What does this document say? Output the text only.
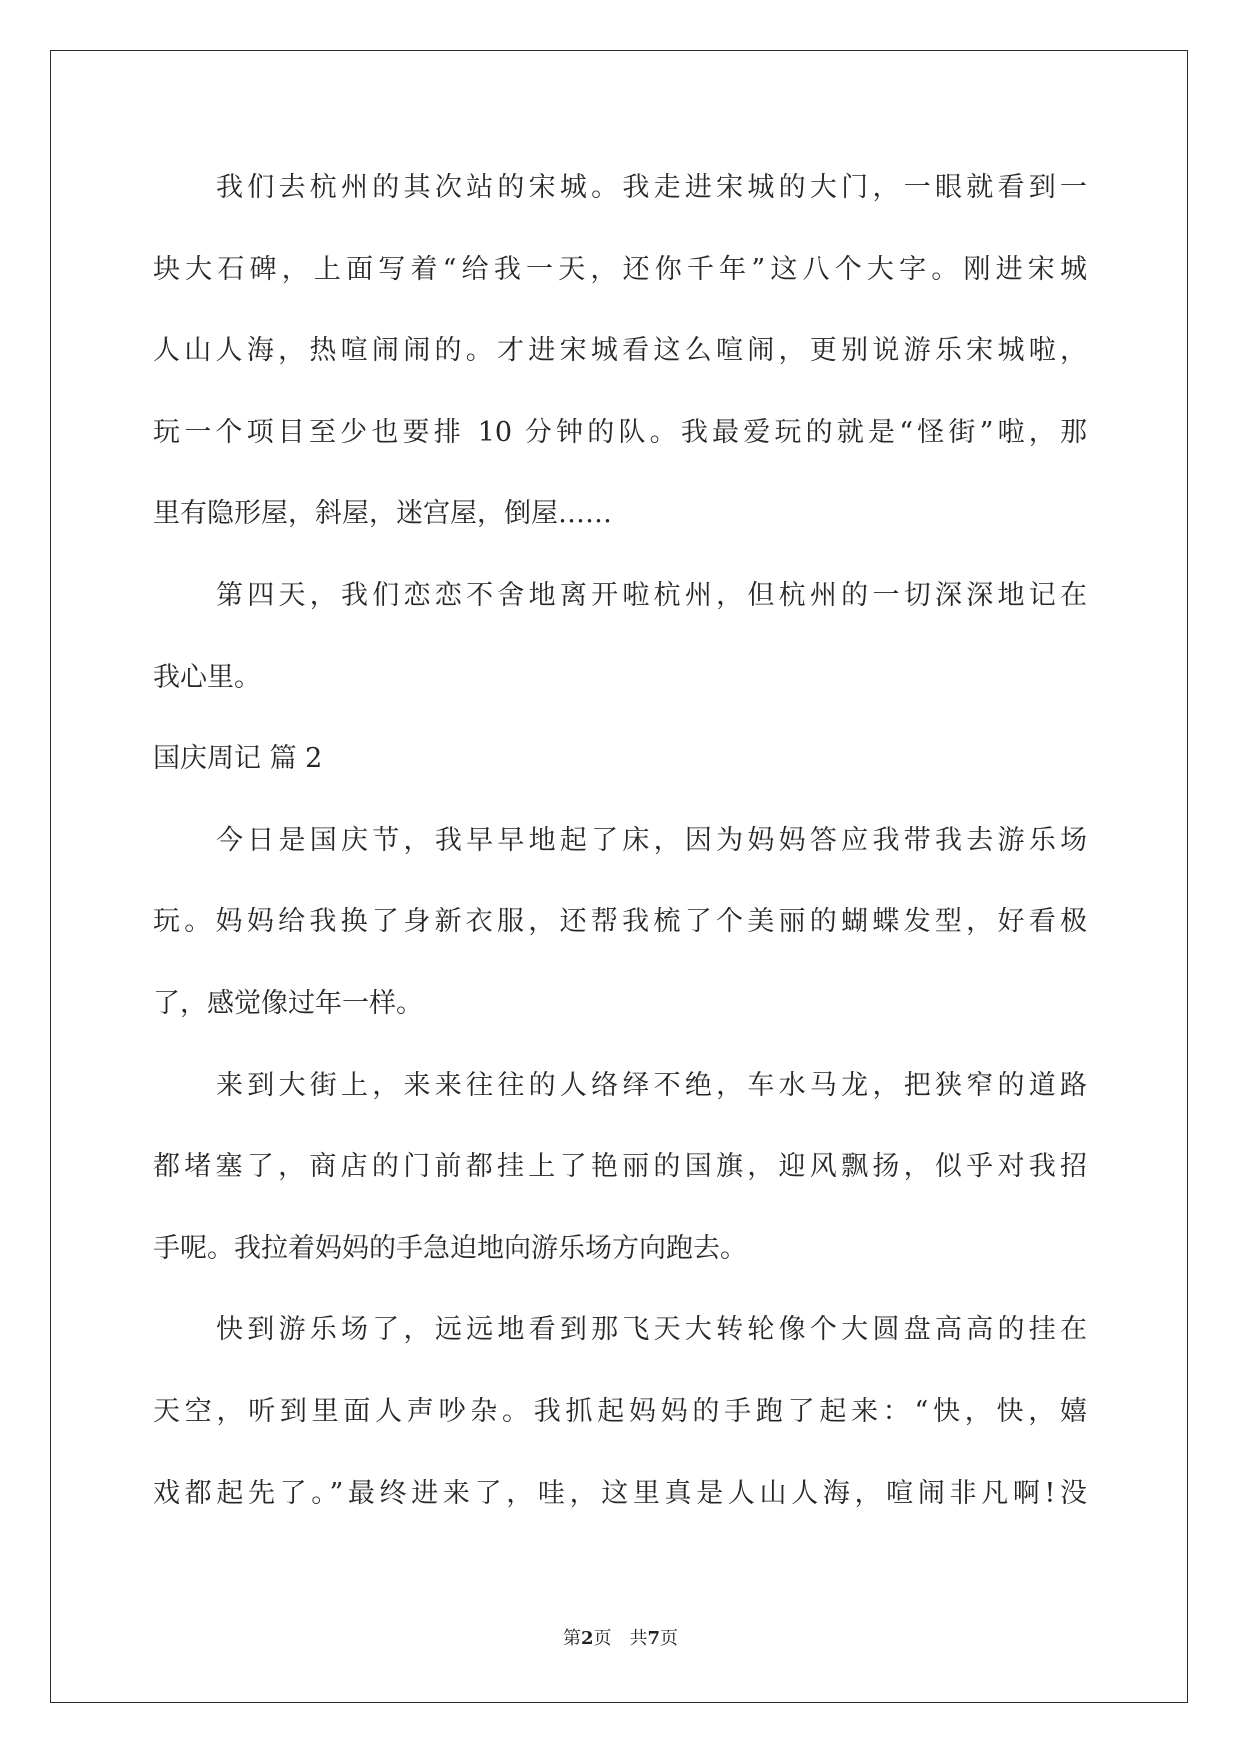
我们去杭州的其次站的宋城。我走进宋城的大门，一眼就看到一
块大石碑，上面写着“给我一天，还你千年”这八个大字。刚进宋城
人山人海，热喧闹闹的。才进宋城看这么喧闹，更别说游乐宋城啦，
玩一个项目至少也要排 10 分钟的队。我最爱玩的就是“怪街”啦，那
里有隐形屋，斜屋，迷宫屋，倒屋……
第四天，我们恋恋不舍地离开啦杭州，但杭州的一切深深地记在
我心里。
国庆周记 篇 2
今日是国庆节，我早早地起了床，因为妈妈答应我带我去游乐场
玩。妈妈给我换了身新衣服，还帮我梳了个美丽的蝴蝶发型，好看极
了，感觉像过年一样。
来到大街上，来来往往的人络绎不绝，车水马龙，把狭窄的道路
都堵塞了，商店的门前都挂上了艳丽的国旗，迎风飘扬，似乎对我招
手呢。我拉着妈妈的手急迫地向游乐场方向跑去。
快到游乐场了，远远地看到那飞天大转轮像个大圆盘高高的挂在
天空，听到里面人声吵杂。我抓起妈妈的手跑了起来：“快，快，嬉
戏都起先了。”最终进来了，哇，这里真是人山人海，喧闹非凡啊!没
第2页 共7页
